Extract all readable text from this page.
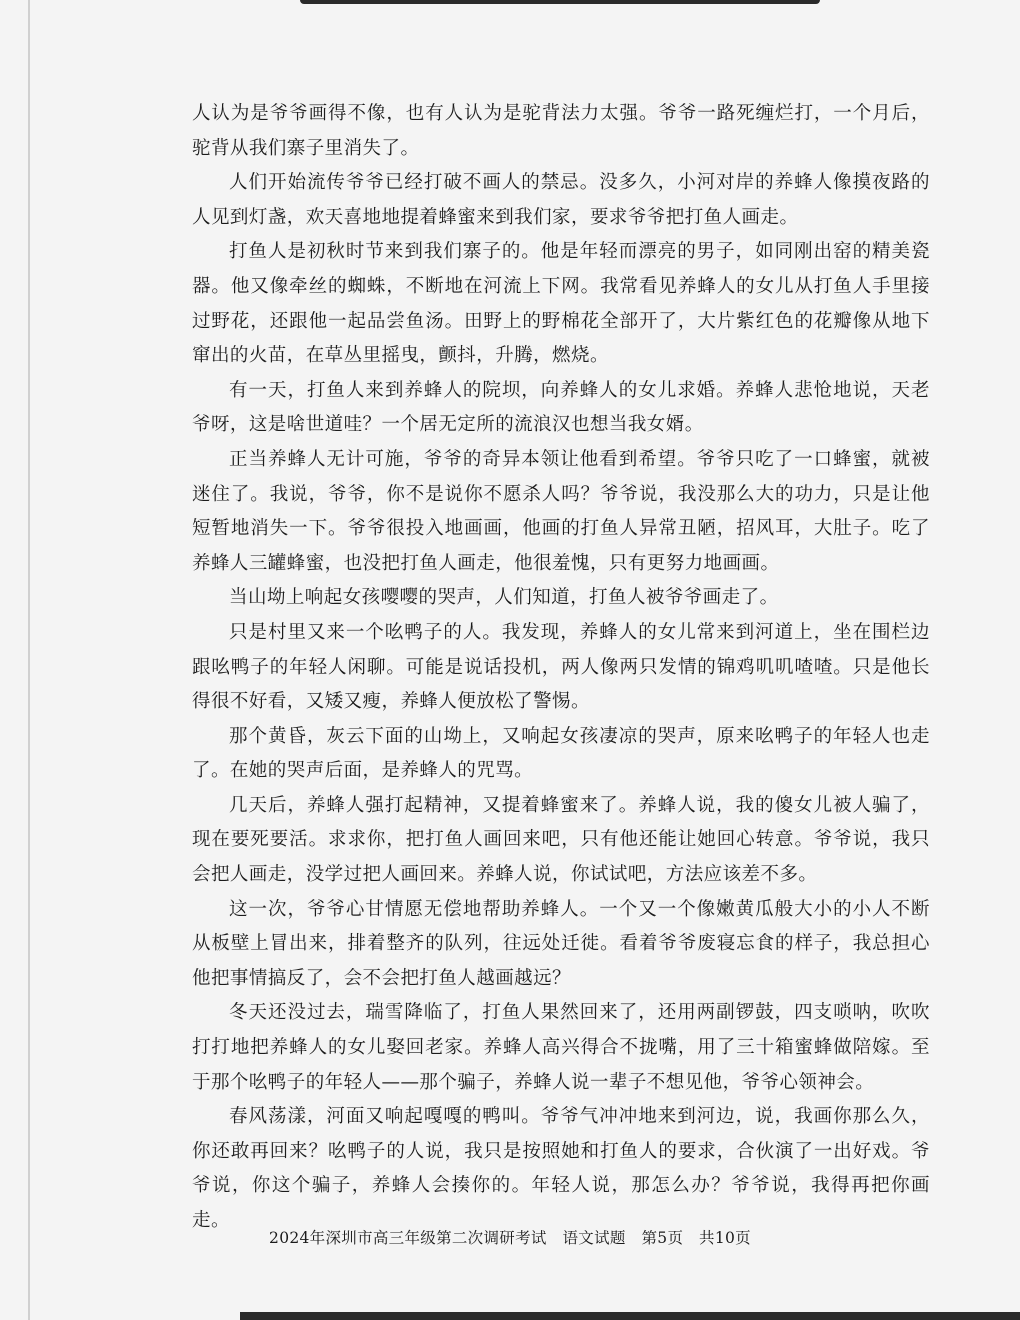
人认为是爷爷画得不像，也有人认为是驼背法力太强。爷爷一路死缠烂打，一个月后，驼背从我们寨子里消失了。

人们开始流传爷爷已经打破不画人的禁忌。没多久，小河对岸的养蜂人像摸夜路的人见到灯盏，欢天喜地地提着蜂蜜来到我们家，要求爷爷把打鱼人画走。

打鱼人是初秋时节来到我们寨子的。他是年轻而漂亮的男子，如同刚出窑的精美瓷器。他又像牵丝的蜘蛛，不断地在河流上下网。我常看见养蜂人的女儿从打鱼人手里接过野花，还跟他一起品尝鱼汤。田野上的野棉花全部开了，大片紫红色的花瓣像从地下窜出的火苗，在草丛里摇曳，颤抖，升腾，燃烧。

有一天，打鱼人来到养蜂人的院坝，向养蜂人的女儿求婚。养蜂人悲怆地说，天老爷呀，这是啥世道哇？一个居无定所的流浪汉也想当我女婿。

正当养蜂人无计可施，爷爷的奇异本领让他看到希望。爷爷只吃了一口蜂蜜，就被迷住了。我说，爷爷，你不是说你不愿杀人吗？爷爷说，我没那么大的功力，只是让他短暂地消失一下。爷爷很投入地画画，他画的打鱼人异常丑陋，招风耳，大肚子。吃了养蜂人三罐蜂蜜，也没把打鱼人画走，他很羞愧，只有更努力地画画。

当山坳上响起女孩嘤嘤的哭声，人们知道，打鱼人被爷爷画走了。

只是村里又来一个吆鸭子的人。我发现，养蜂人的女儿常来到河道上，坐在围栏边跟吆鸭子的年轻人闲聊。可能是说话投机，两人像两只发情的锦鸡叽叽喳喳。只是他长得很不好看，又矮又瘦，养蜂人便放松了警惕。

那个黄昏，灰云下面的山坳上，又响起女孩凄凉的哭声，原来吆鸭子的年轻人也走了。在她的哭声后面，是养蜂人的咒骂。

几天后，养蜂人强打起精神，又提着蜂蜜来了。养蜂人说，我的傻女儿被人骗了，现在要死要活。求求你，把打鱼人画回来吧，只有他还能让她回心转意。爷爷说，我只会把人画走，没学过把人画回来。养蜂人说，你试试吧，方法应该差不多。

这一次，爷爷心甘情愿无偿地帮助养蜂人。一个又一个像嫩黄瓜般大小的小人不断从板壁上冒出来，排着整齐的队列，往远处迁徙。看着爷爷废寝忘食的样子，我总担心他把事情搞反了，会不会把打鱼人越画越远？

冬天还没过去，瑞雪降临了，打鱼人果然回来了，还用两副锣鼓，四支唢呐，吹吹打打地把养蜂人的女儿娶回老家。养蜂人高兴得合不拢嘴，用了三十箱蜜蜂做陪嫁。至于那个吆鸭子的年轻人——那个骗子，养蜂人说一辈子不想见他，爷爷心领神会。

春风荡漾，河面又响起嘎嘎的鸭叫。爷爷气冲冲地来到河边，说，我画你那么久，你还敢再回来？吆鸭子的人说，我只是按照她和打鱼人的要求，合伙演了一出好戏。爷爷说，你这个骗子，养蜂人会揍你的。年轻人说，那怎么办？爷爷说，我得再把你画走。

2024年深圳市高三年级第二次调研考试　语文试题　第5页　共10页
